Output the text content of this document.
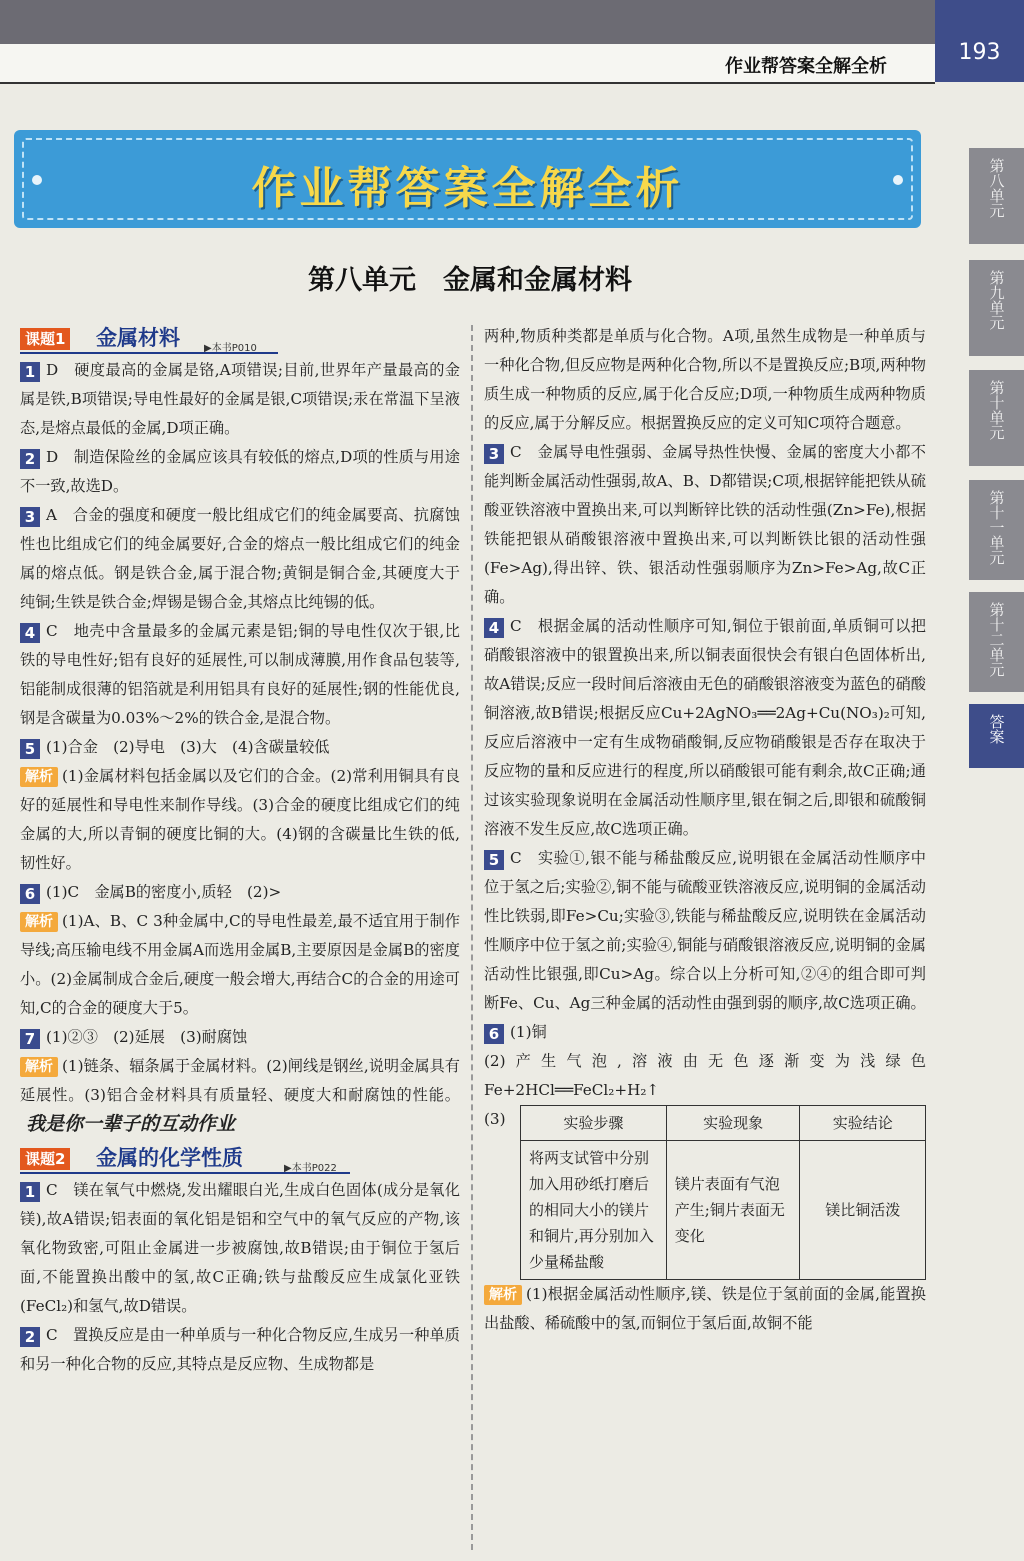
作业帮答案全解全析
193
作业帮答案全解全析
第八单元　金属和金属材料
第八单元
第九单元
第十单元
第十一单元
第十二单元
答案
课题1 金属材料 ▶本书P010

1 D　硬度最高的金属是铬,A项错误;目前,世界年产量最高的金属是铁,B项错误;导电性最好的金属是银,C项错误;汞在常温下呈液态,是熔点最低的金属,D项正确。

2 D　制造保险丝的金属应该具有较低的熔点,D项的性质与用途不一致,故选D。

3 A　合金的强度和硬度一般比组成它们的纯金属要高、抗腐蚀性也比组成它们的纯金属要好,合金的熔点一般比组成它们的纯金属的熔点低。钢是铁合金,属于混合物;黄铜是铜合金,其硬度大于纯铜;生铁是铁合金;焊锡是锡合金,其熔点比纯锡的低。

4 C　地壳中含量最多的金属元素是铝;铜的导电性仅次于银,比铁的导电性好;铝有良好的延展性,可以制成薄膜,用作食品包装等,铝能制成很薄的铝箔就是利用铝具有良好的延展性;钢的性能优良,钢是含碳量为0.03%～2%的铁合金,是混合物。

5 (1)合金　(2)导电　(3)大　(4)含碳量较低

解析 (1)金属材料包括金属以及它们的合金。(2)常利用铜具有良好的延展性和导电性来制作导线。(3)合金的硬度比组成它们的纯金属的大,所以青铜的硬度比铜的大。(4)钢的含碳量比生铁的低,韧性好。

6 (1)C　金属B的密度小,质轻　(2)>

解析 (1)A、B、C 3种金属中,C的导电性最差,最不适宜用于制作导线;高压输电线不用金属A而选用金属B,主要原因是金属B的密度小。(2)金属制成合金后,硬度一般会增大,再结合C的合金的用途可知,C的合金的硬度大于5。

7 (1)②③　(2)延展　(3)耐腐蚀

解析 (1)链条、辐条属于金属材料。(2)闸线是钢丝,说明金属具有延展性。(3)铝合金材料具有质量轻、硬度大和耐腐蚀的性能。我是你一辈子的互动作业

课题2 金属的化学性质	▶本书P022

1 C　镁在氧气中燃烧,发出耀眼白光,生成白色固体(成分是氧化镁),故A错误;铝表面的氧化铝是铝和空气中的氧气反应的产物,该氧化物致密,可阻止金属进一步被腐蚀,故B错误;由于铜位于氢后面,不能置换出酸中的氢,故C正确;铁与盐酸反应生成氯化亚铁(FeCl₂)和氢气,故D错误。

2 C　置换反应是由一种单质与一种化合物反应,生成另一种单质和另一种化合物的反应,其特点是反应物、生成物都是

两种,物质种类都是单质与化合物。A项,虽然生成物是一种单质与一种化合物,但反应物是两种化合物,所以不是置换反应;B项,两种物质生成一种物质的反应,属于化合反应;D项,一种物质生成两种物质的反应,属于分解反应。根据置换反应的定义可知C项符合题意。

3 C　金属导电性强弱、金属导热性快慢、金属的密度大小都不能判断金属活动性强弱,故A、B、D都错误;C项,根据锌能把铁从硫酸亚铁溶液中置换出来,可以判断锌比铁的活动性强(Zn>Fe),根据铁能把银从硝酸银溶液中置换出来,可以判断铁比银的活动性强(Fe>Ag),得出锌、铁、银活动性强弱顺序为Zn>Fe>Ag,故C正确。

4 C　根据金属的活动性顺序可知,铜位于银前面,单质铜可以把硝酸银溶液中的银置换出来,所以铜表面很快会有银白色固体析出,故A错误;反应一段时间后溶液由无色的硝酸银溶液变为蓝色的硝酸铜溶液,故B错误;根据反应Cu+2AgNO₃══2Ag+Cu(NO₃)₂可知,反应后溶液中一定有生成物硝酸铜,反应物硝酸银是否存在取决于反应物的量和反应进行的程度,所以硝酸银可能有剩余,故C正确;通过该实验现象说明在金属活动性顺序里,银在铜之后,即银和硫酸铜溶液不发生反应,故C选项正确。

5 C　实验①,银不能与稀盐酸反应,说明银在金属活动性顺序中位于氢之后;实验②,铜不能与硫酸亚铁溶液反应,说明铜的金属活动性比铁弱,即Fe>Cu;实验③,铁能与稀盐酸反应,说明铁在金属活动性顺序中位于氢之前;实验④,铜能与硝酸银溶液反应,说明铜的金属活动性比银强,即Cu>Ag。综合以上分析可知,②④的组合即可判断Fe、Cu、Ag三种金属的活动性由强到弱的顺序,故C选项正确。

6 (1)铜

(2)产生气泡,溶液由无色逐渐变为浅绿色　Fe+2HCl══FeCl₂+H₂↑

(3)	实验步骤	实验现象	实验结论
将两支试管中分别加入用砂纸打磨后的相同大小的镁片和铜片,再分别加入少量稀盐酸	镁片表面有气泡产生;铜片表面无变化	镁比铜活泼

解析 (1)根据金属活动性顺序,镁、铁是位于氢前面的金属,能置换出盐酸、稀硫酸中的氢,而铜位于氢后面,故铜不能
